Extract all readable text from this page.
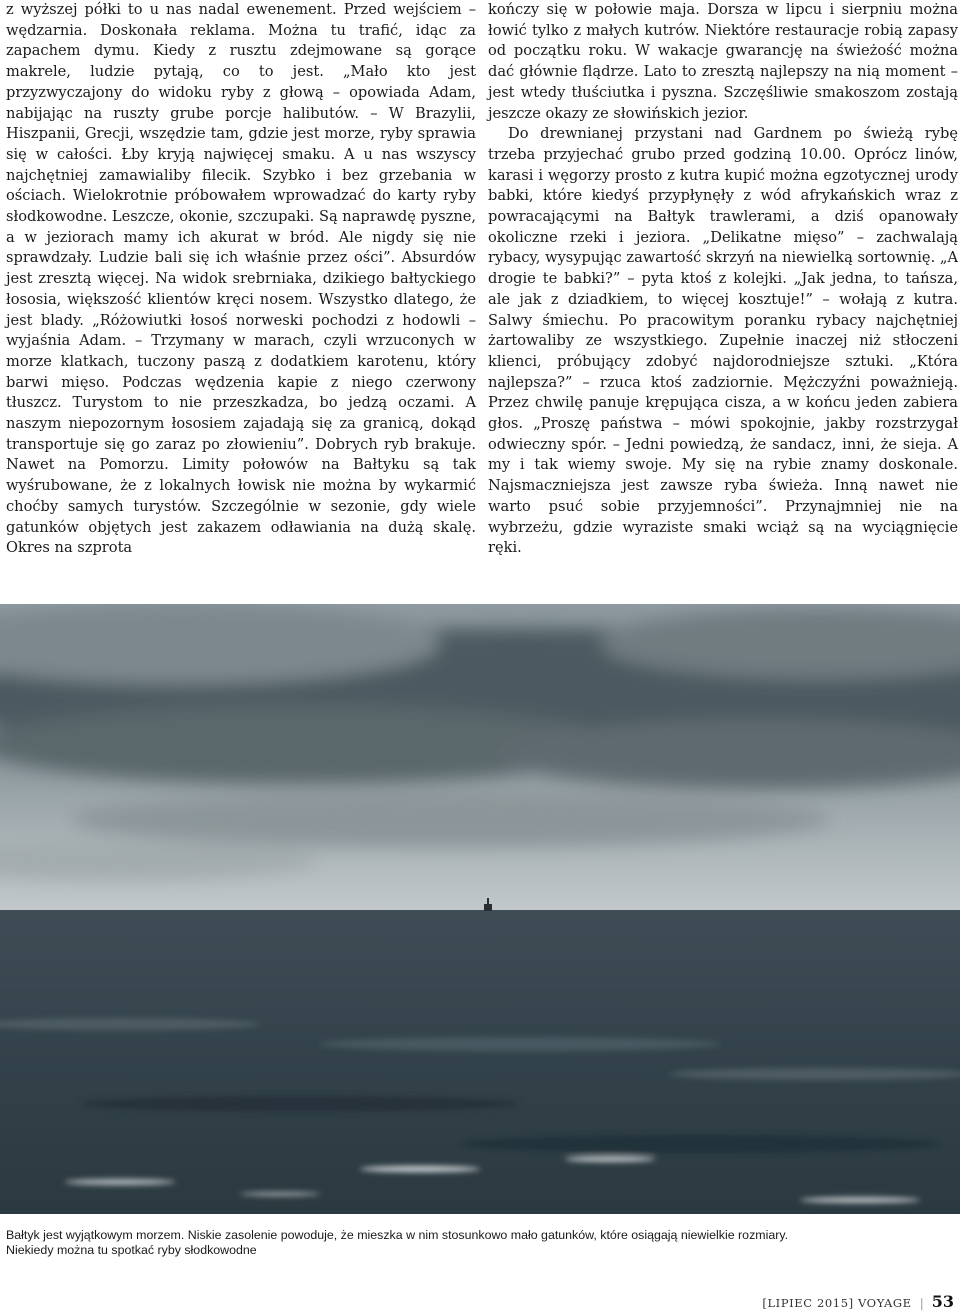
z wyższej półki to u nas nadal ewenement. Przed wejściem – wędzarnia. Doskonała reklama. Można tu trafić, idąc za zapachem dymu. Kiedy z rusztu zdejmowane są gorące makrele, ludzie pytają, co to jest. „Mało kto jest przyzwyczajony do widoku ryby z głową – opowiada Adam, nabijając na ruszty grube porcje halibutów. – W Brazylii, Hiszpanii, Grecji, wszędzie tam, gdzie jest morze, ryby sprawia się w całości. Łby kryją najwięcej smaku. A u nas wszyscy najchętniej zamawialiby filecik. Szybko i bez grzebania w ościach. Wielokrotnie próbowałem wprowadzać do karty ryby słodkowodne. Leszcze, okonie, szczupaki. Są naprawdę pyszne, a w jeziorach mamy ich akurat w bród. Ale nigdy się nie sprawdzały. Ludzie bali się ich właśnie przez ości”. Absurdów jest zresztą więcej. Na widok srebrniaka, dzikiego bałtyckiego łososia, większość klientów kręci nosem. Wszystko dlatego, że jest blady. „Różowiutki łosoś norweski pochodzi z hodowli – wyjaśnia Adam. – Trzymany w marach, czyli wrzuconych w morze klatkach, tuczony paszą z dodatkiem karotenu, który barwi mięso. Podczas wędzenia kapie z niego czerwony tłuszcz. Turystom to nie przeszkadza, bo jedzą oczami. A naszym niepozornym łososiem zajadają się za granicą, dokąd transportuje się go zaraz po złowieniu”. Dobrych ryb brakuje. Nawet na Pomorzu. Limity połowów na Bałtyku są tak wyśrubowane, że z lokalnych łowisk nie można by wykarmić choćby samych turystów. Szczególnie w sezonie, gdy wiele gatunków objętych jest zakazem odławiania na dużą skalę. Okres na szprota

kończy się w połowie maja. Dorsza w lipcu i sierpniu można łowić tylko z małych kutrów. Niektóre restauracje robią zapasy od początku roku. W wakacje gwarancję na świeżość można dać głównie flądrze. Lato to zresztą najlepszy na nią moment – jest wtedy tłuściutka i pyszna. Szczęśliwie smakoszom zostają jeszcze okazy ze słowińskich jezior.

Do drewnianej przystani nad Gardnem po świeżą rybę trzeba przyjechać grubo przed godziną 10.00. Oprócz linów, karasi i węgorzy prosto z kutra kupić można egzotycznej urody babki, które kiedyś przypłynęły z wód afrykańskich wraz z powracającymi na Bałtyk trawlerami, a dziś opanowały okoliczne rzeki i jeziora. „Delikatne mięso” – zachwalają rybacy, wysypując zawartość skrzyń na niewielką sortownię. „A drogie te babki?” – pyta ktoś z kolejki. „Jak jedna, to tańsza, ale jak z dziadkiem, to więcej kosztuje!” – wołają z kutra. Salwy śmiechu. Po pracowitym poranku rybacy najchętniej żartowaliby ze wszystkiego. Zupełnie inaczej niż stłoczeni klienci, próbujący zdobyć najdorodniejsze sztuki. „Która najlepsza?” – rzuca ktoś zadziornie. Mężczyźni poważnieją. Przez chwilę panuje krępująca cisza, a w końcu jeden zabiera głos. „Proszę państwa – mówi spokojnie, jakby rozstrzygał odwieczny spór. – Jedni powiedzą, że sandacz, inni, że sieja. A my i tak wiemy swoje. My się na rybie znamy doskonale. Najsmaczniejsza jest zawsze ryba świeża. Inną nawet nie warto psuć sobie przyjemności”. Przynajmniej nie na wybrzeżu, gdzie wyraziste smaki wciąż są na wyciągnięcie ręki.

Bałtyk jest wyjątkowym morzem. Niskie zasolenie powoduje, że mieszka w nim stosunkowo mało gatunków, które osiągają niewielkie rozmiary.

Niekiedy można tu spotkać ryby słodkowodne

[LIPIEC 2015] VOYAGE | 53
